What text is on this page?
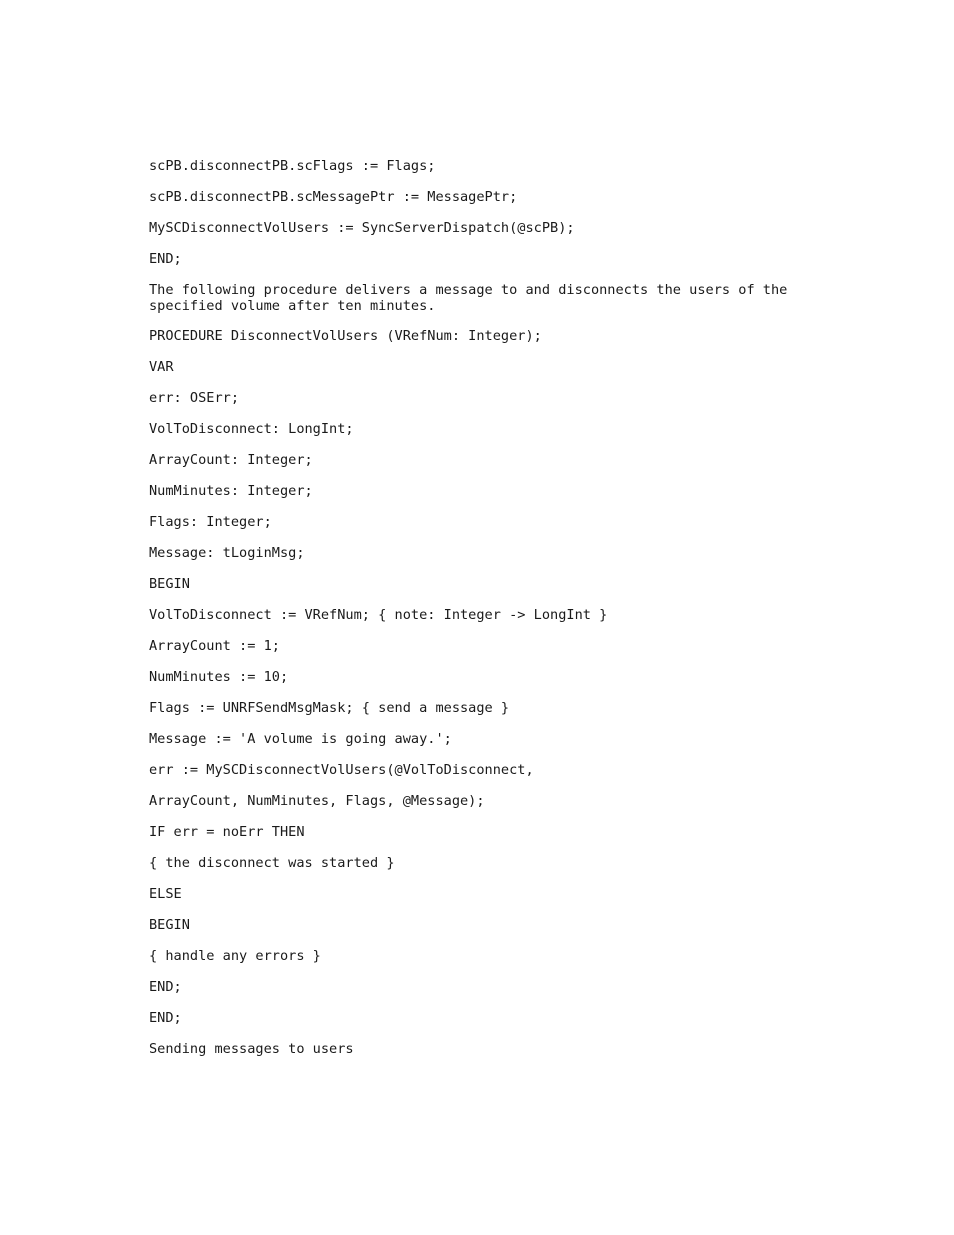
scPB.disconnectPB.scFlags := Flags;
scPB.disconnectPB.scMessagePtr := MessagePtr;
MySCDisconnectVolUsers := SyncServerDispatch(@scPB);
END;
The following procedure delivers a message to and disconnects the users of the specified volume after ten minutes.
PROCEDURE DisconnectVolUsers (VRefNum: Integer);
VAR
err: OSErr;
VolToDisconnect: LongInt;
ArrayCount: Integer;
NumMinutes: Integer;
Flags: Integer;
Message: tLoginMsg;
BEGIN
VolToDisconnect := VRefNum; { note: Integer -> LongInt }
ArrayCount := 1;
NumMinutes := 10;
Flags := UNRFSendMsgMask; { send a message }
Message := 'A volume is going away.';
err := MySCDisconnectVolUsers(@VolToDisconnect,
ArrayCount, NumMinutes, Flags, @Message);
IF err = noErr THEN
{ the disconnect was started }
ELSE
BEGIN
{ handle any errors }
END;
END;
Sending messages to users
